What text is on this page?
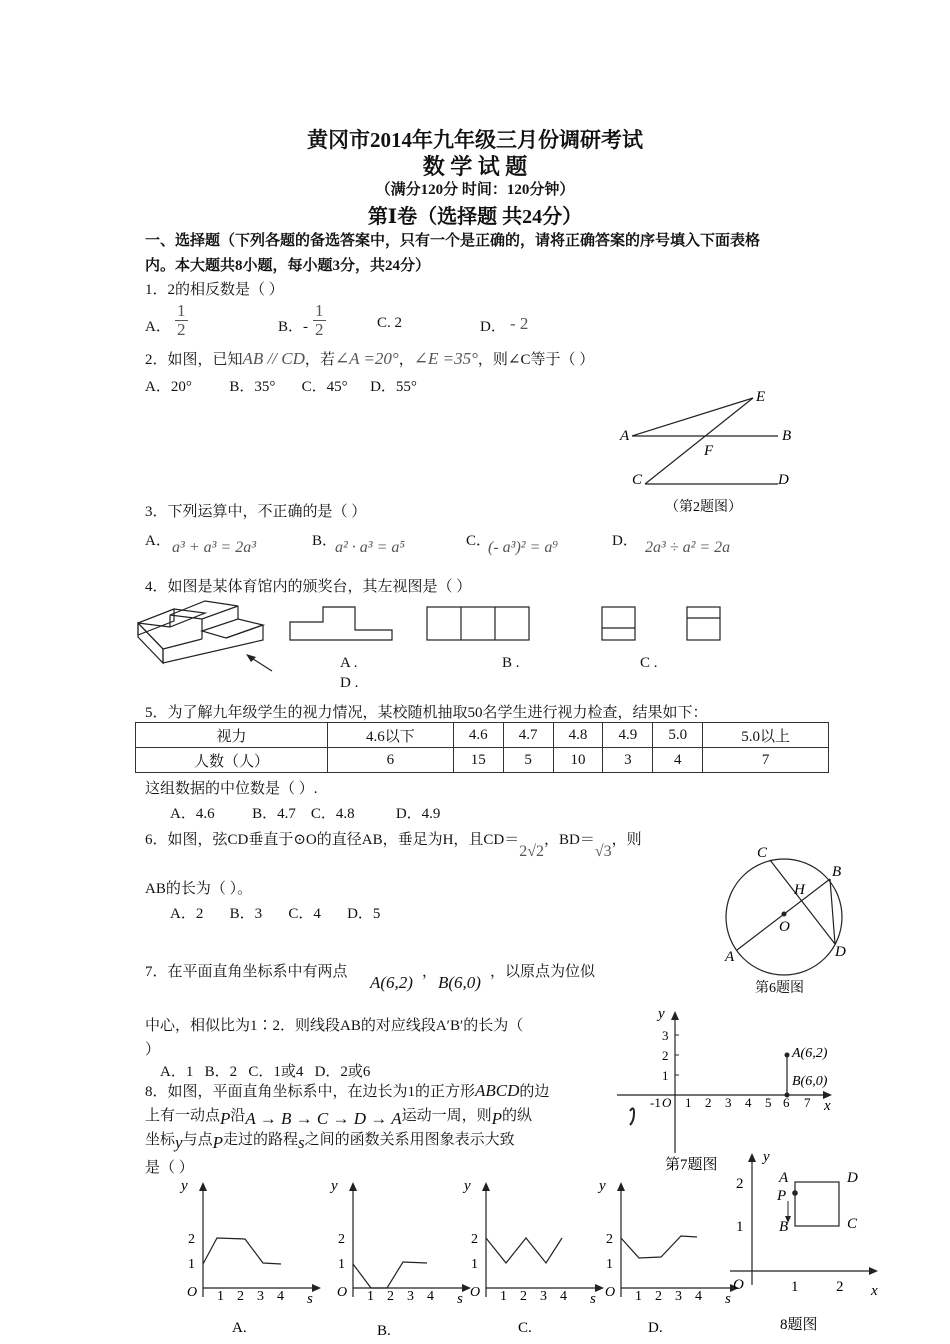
黄冈市2014年九年级三月份调研考试
数 学 试 题
（满分120分 时间：120分钟）
第Ⅰ卷（选择题 共24分）
一、选择题（下列各题的备选答案中，只有一个是正确的，请将正确答案的序号填入下面表格
内。本大题共8小题，每小题3分，共24分）
1．2的相反数是（ ）
A． $\frac{1}{2}$	B．- $\frac{1}{2}$	C. 2	D． - 2
2．如图，已知AB // CD，若∠A =20°，∠E =35°，则∠C等于（ ）
A．20°          B．35°       C．45°      D．55°
E
A	B
F
C	D
（第2题图）
3．下列运算中，不正确的是（ ）
A． a³ + a³ = 2a³	B．
a² · a³ = a⁵	C．
(- a³)² = a⁹	D． 2a³ ÷ a² = 2a
4．如图是某体育馆内的颁奖台，其左视图是（ ）
A .	B .	C .
D .
5．为了解九年级学生的视力情况，某校随机抽取50名学生进行视力检查，结果如下：
视力	4.6以下	4.6	4.7	4.8	4.9	5.0	5.0以上
人数（人）	6	15	5	10	3	4	7
这组数据的中位数是（ ）.
A．4.6          B．4.7    C．4.8           D．4.9
6．如图，弦CD垂直于⊙O的直径AB，垂足为H，且CD＝2√2，BD＝√3，则
AB的长为（ ）。
A．2       B．3       C．4       D．5
C
B
H
O
A	D
第6题图
7．在平面直角坐标系中有两点
A(6,2)
，
B(6,0)
，以原点为位似
中心，相似比为1∶2．则线段AB的对应线段A′B′的长为（
）
A．1   B．2   C．1或4   D．2或6
y
x
3
2
1
O
-1 1 2 3 4 5 6 7
A(6,2)
B(6,0)
第7题图
8．如图，平面直角坐标系中，在边长为1的正方形ABCD的边
上有一动点P沿A → B → C → D → A运动一周，则P的纵
坐标y与点P走过的路程s之间的函数关系用图象表示大致
是（ ）
y
s
O
2
1
1 2 3 4
A.
y
s
O
2
1
1 2 3 4
B.
y
s
O
2
1
1 2 3 4
C.
y
s
O
2
1
1 2 3 4
D.
y
x
O
2
1
1	2
A
P
B
D
C
8题图
